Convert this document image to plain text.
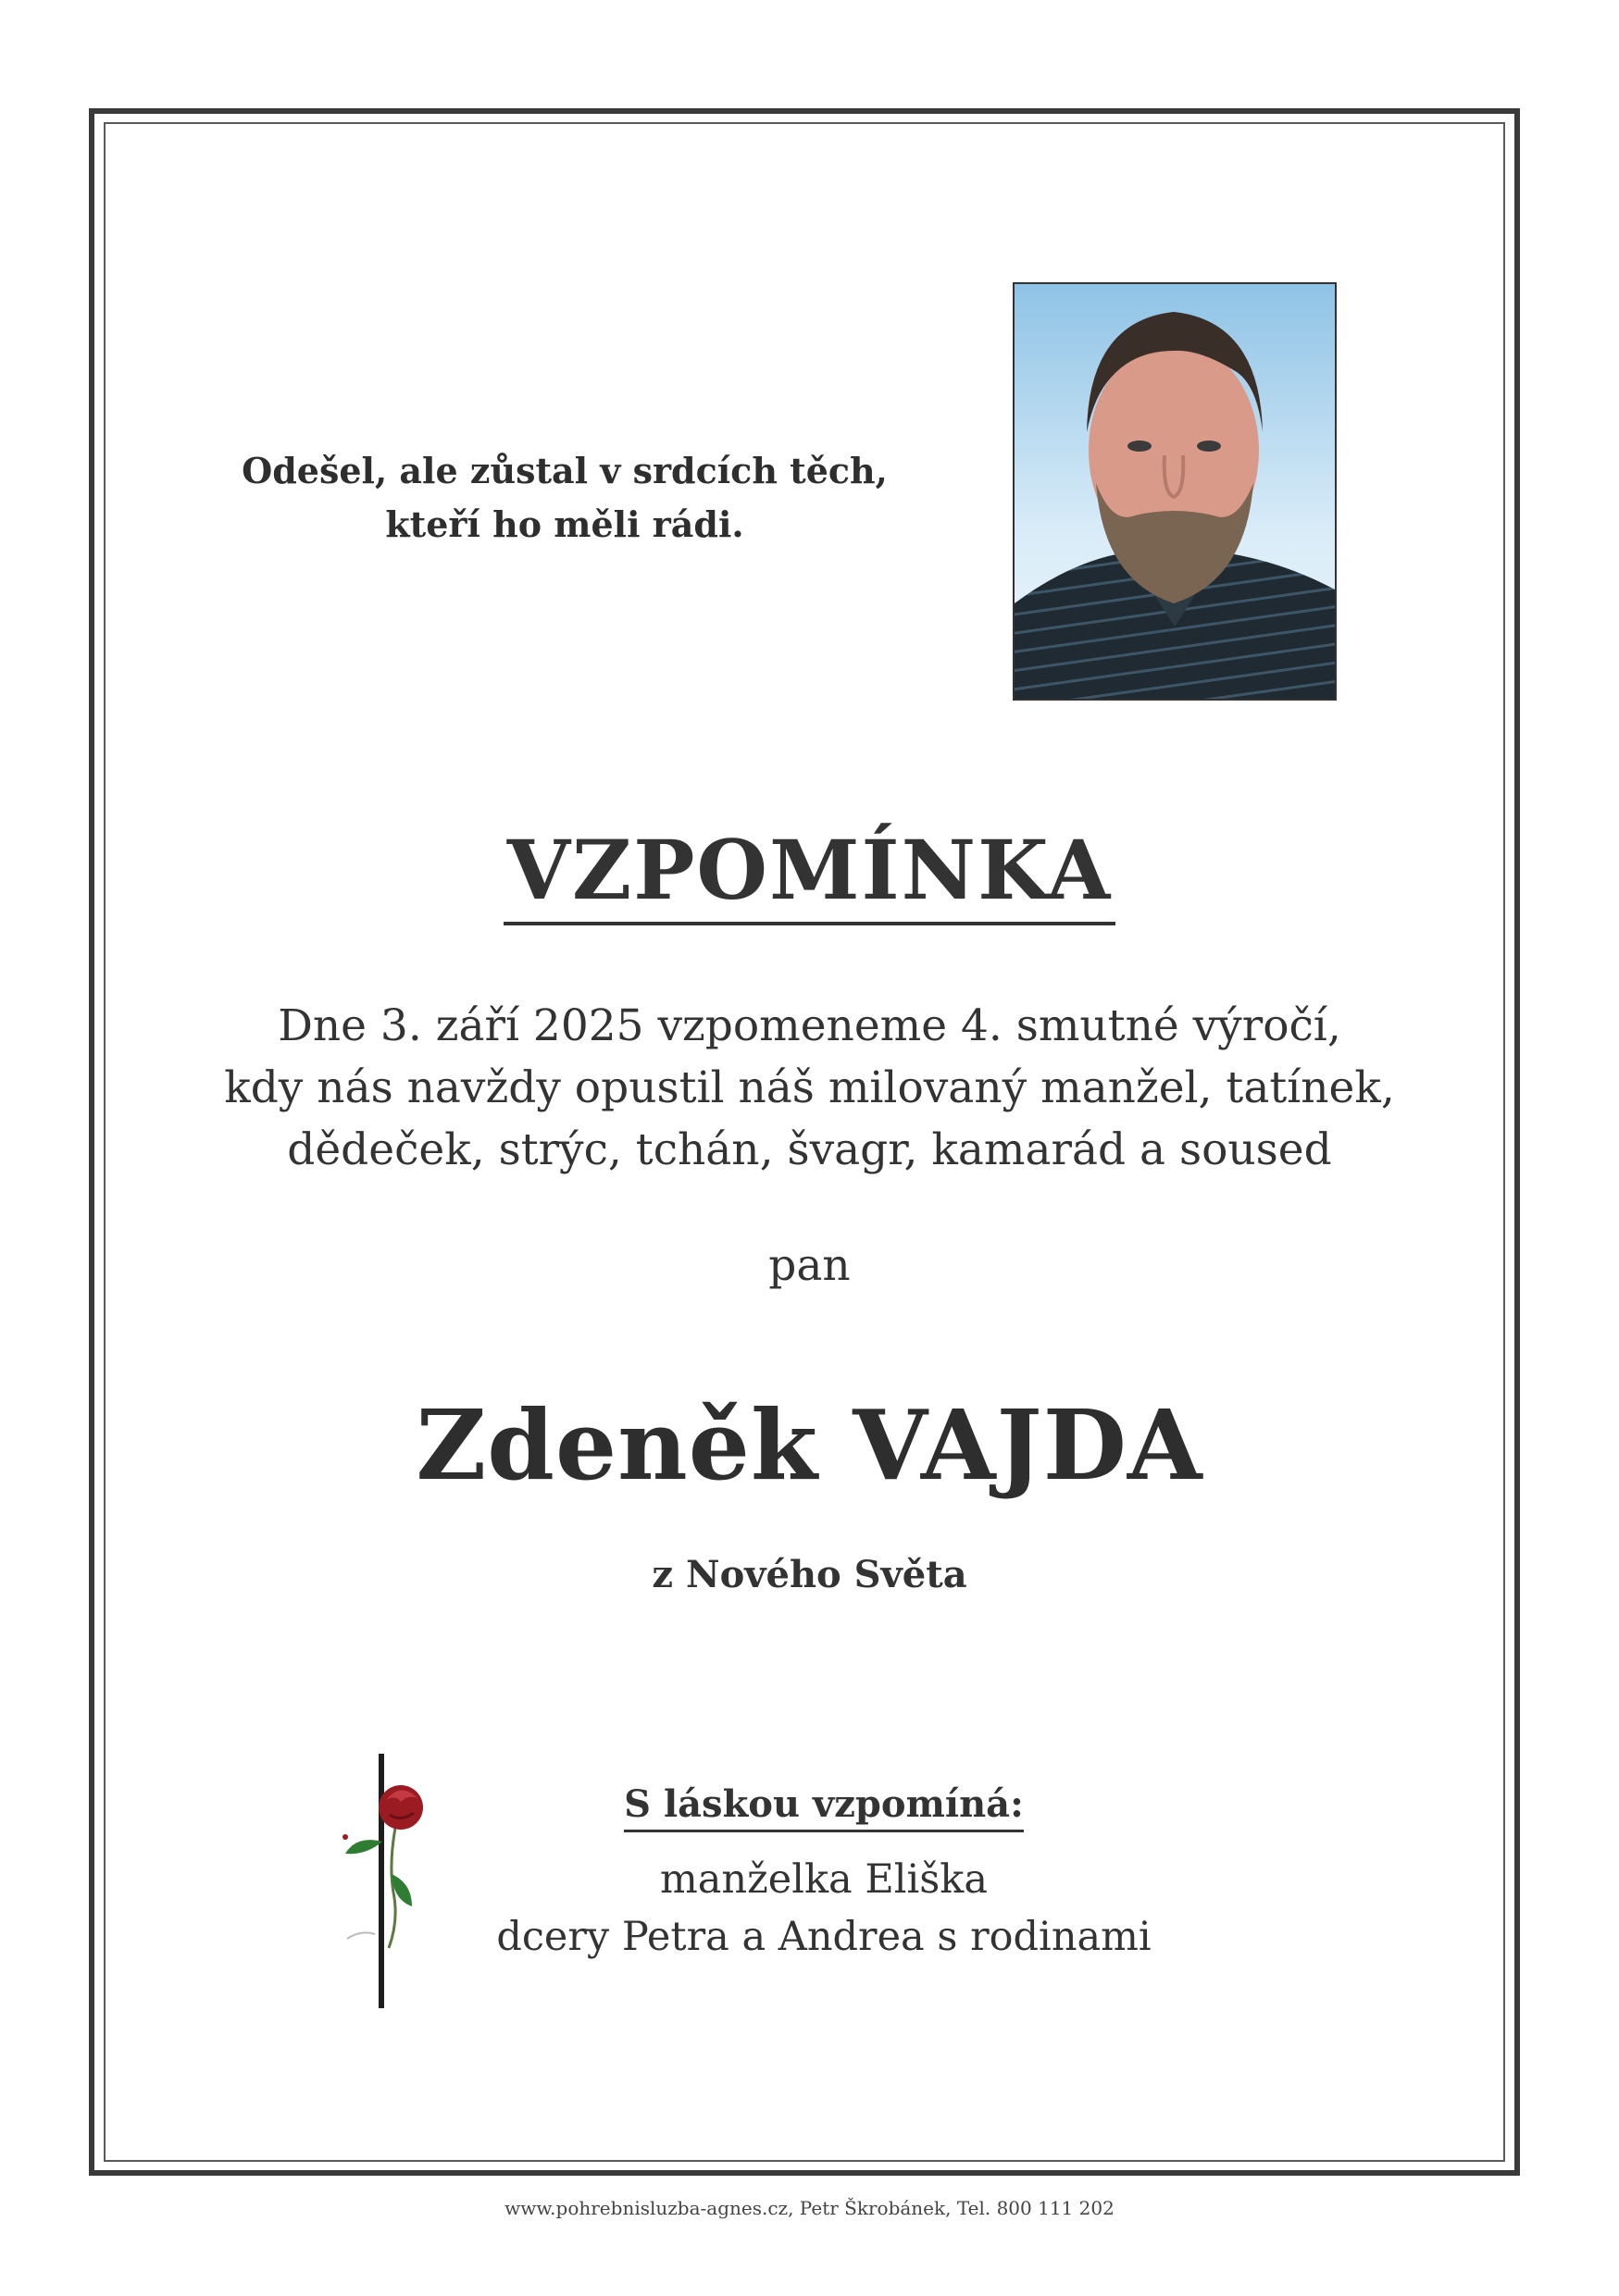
Odešel, ale zůstal v srdcích těch,
kteří ho měli rádi.
VZPOMÍNKA
Dne 3. září 2025 vzpomeneme 4. smutné výročí,
kdy nás navždy opustil náš milovaný manžel, tatínek,
dědeček, strýc, tchán, švagr, kamarád a soused
pan
Zdeněk VAJDA
z Nového Světa
S láskou vzpomíná:
manželka Eliška
dcery Petra a Andrea s rodinami
www.pohrebnisluzba-agnes.cz, Petr Škrobánek, Tel. 800 111 202
